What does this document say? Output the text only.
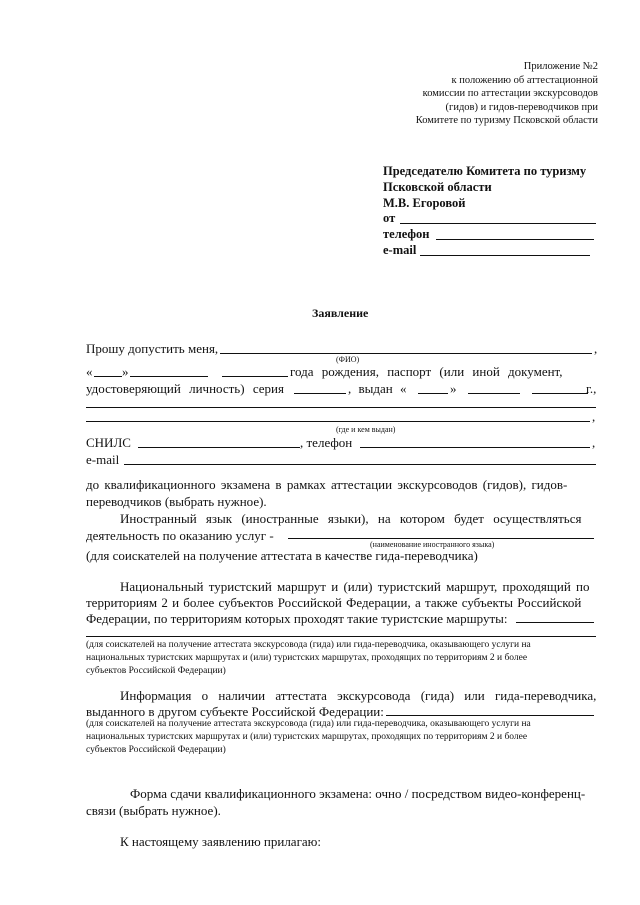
Приложение №2
к положению об аттестационной
комиссии по аттестации экскурсоводов
(гидов) и гидов-переводчиков при
Комитете по туризму Псковской области
Председателю Комитета по туризму
Псковской области
М.В. Егоровой
от
телефон
e-mail
Заявление
Прошу допустить меня,	,
(ФИО)
« »	года рождения, паспорт (или иной документ,
удостоверяющий личность) серия	, выдан «	»	г.,
,
(где и кем выдан)
СНИЛС	, телефон	,
e-mail
до квалификационного экзамена в рамках аттестации экскурсоводов (гидов), гидов-
переводчиков (выбрать нужное).
Иностранный язык (иностранные языки), на котором будет осуществляться
деятельность по оказанию услуг -
(наименование иностранного языка)
(для соискателей на получение аттестата в качестве гида-переводчика)
Национальный туристский маршрут и (или) туристский маршрут, проходящий по
территориям 2 и более субъектов Российской Федерации, а также субъекты Российской
Федерации, по территориям которых проходят такие туристские маршруты:
(для соискателей на получение аттестата экскурсовода (гида) или гида-переводчика, оказывающего услуги на
национальных туристских маршрутах и (или) туристских маршрутах, проходящих по территориям 2 и более
субъектов Российской Федерации)
Информация о наличии аттестата экскурсовода (гида) или гида-переводчика,
выданного в другом субъекте Российской Федерации:
(для соискателей на получение аттестата экскурсовода (гида) или гида-переводчика, оказывающего услуги на
национальных туристских маршрутах и (или) туристских маршрутах, проходящих по территориям 2 и более
субъектов Российской Федерации)
Форма сдачи квалификационного экзамена: очно / посредством видео-конференц-
связи (выбрать нужное).
К настоящему заявлению прилагаю:
